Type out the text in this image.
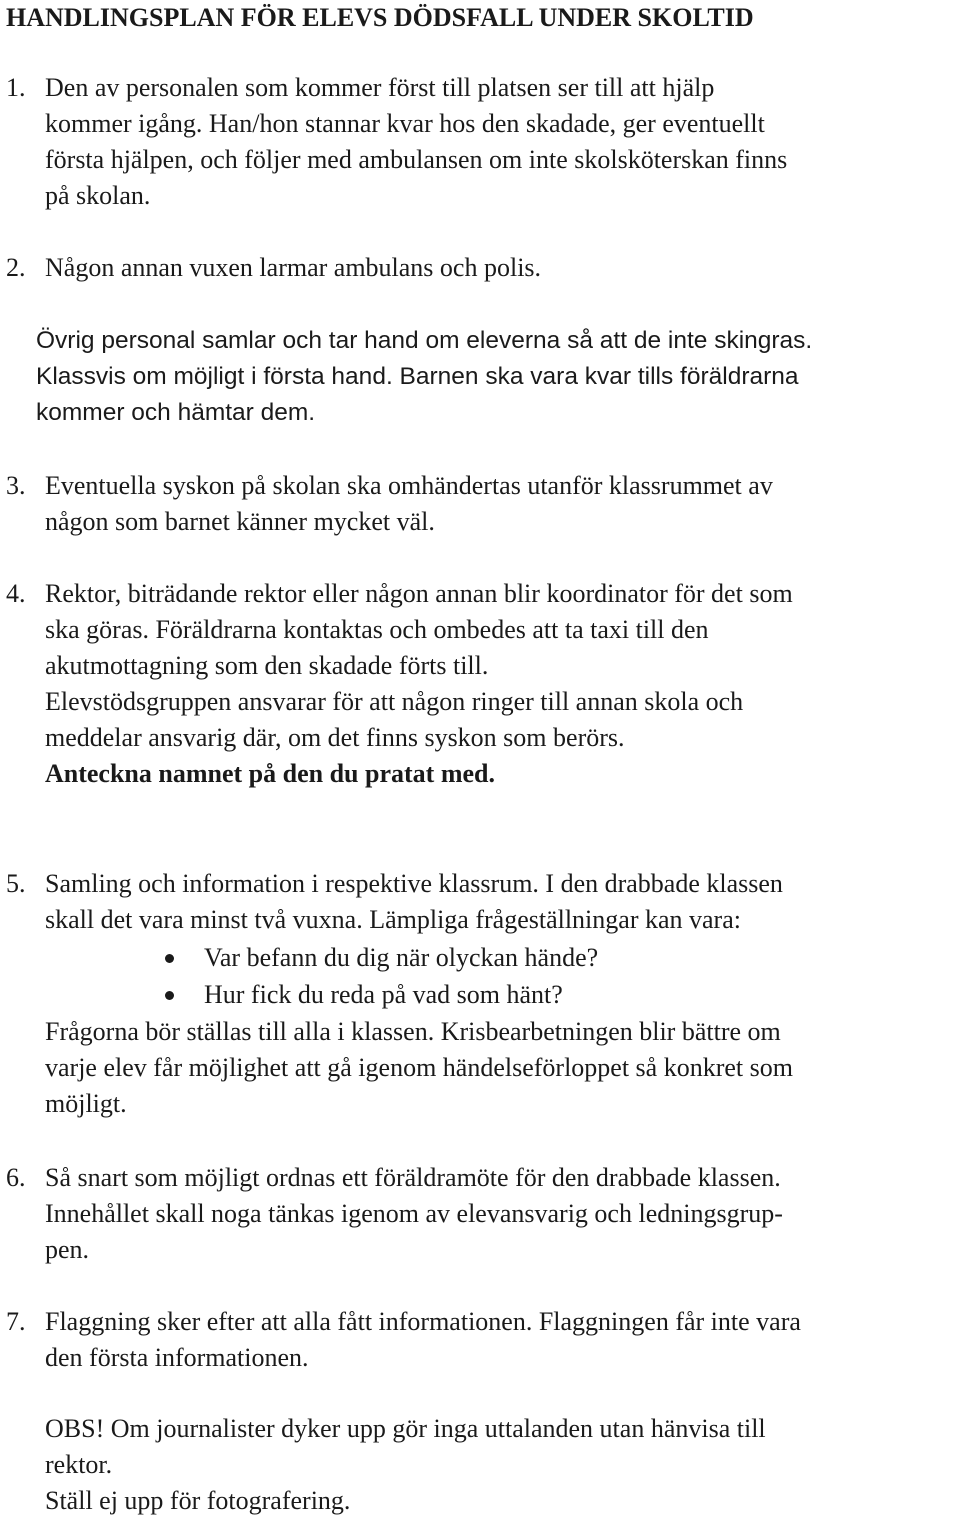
HANDLINGSPLAN FÖR ELEVS DÖDSFALL UNDER SKOLTID
1. Den av personalen som kommer först till platsen ser till att hjälp
kommer igång. Han/hon stannar kvar hos den skadade, ger eventuellt
första hjälpen, och följer med ambulansen om inte skolsköterskan finns
på skolan.
2. Någon annan vuxen larmar ambulans och polis.
Övrig personal samlar och tar hand om eleverna så att de inte skingras.
Klassvis om möjligt i första hand. Barnen ska vara kvar tills föräldrarna
kommer och hämtar dem.
3. Eventuella syskon på skolan ska omhändertas utanför klassrummet av
någon som barnet känner mycket väl.
4. Rektor, biträdande rektor eller någon annan blir koordinator för det som
ska göras. Föräldrarna kontaktas och ombedes att ta taxi till den
akutmottagning som den skadade förts till.
Elevstödsgruppen ansvarar för att någon ringer till annan skola och
meddelar ansvarig där, om det finns syskon som berörs.
Anteckna namnet på den du pratat med.
5. Samling och information i respektive klassrum. I den drabbade klassen
skall det vara minst två vuxna. Lämpliga frågeställningar kan vara:
Var befann du dig när olyckan hände?
Hur fick du reda på vad som hänt?
Frågorna bör ställas till alla i klassen. Krisbearbetningen blir bättre om
varje elev får möjlighet att gå igenom händelseförloppet så konkret som
möjligt.
6. Så snart som möjligt ordnas ett föräldramöte för den drabbade klassen.
Innehållet skall noga tänkas igenom av elevansvarig och ledningsgrup-
pen.
7. Flaggning sker efter att alla fått informationen. Flaggningen får inte vara
den första informationen.
OBS! Om journalister dyker upp gör inga uttalanden utan hänvisa till
rektor.
Ställ ej upp för fotografering.
